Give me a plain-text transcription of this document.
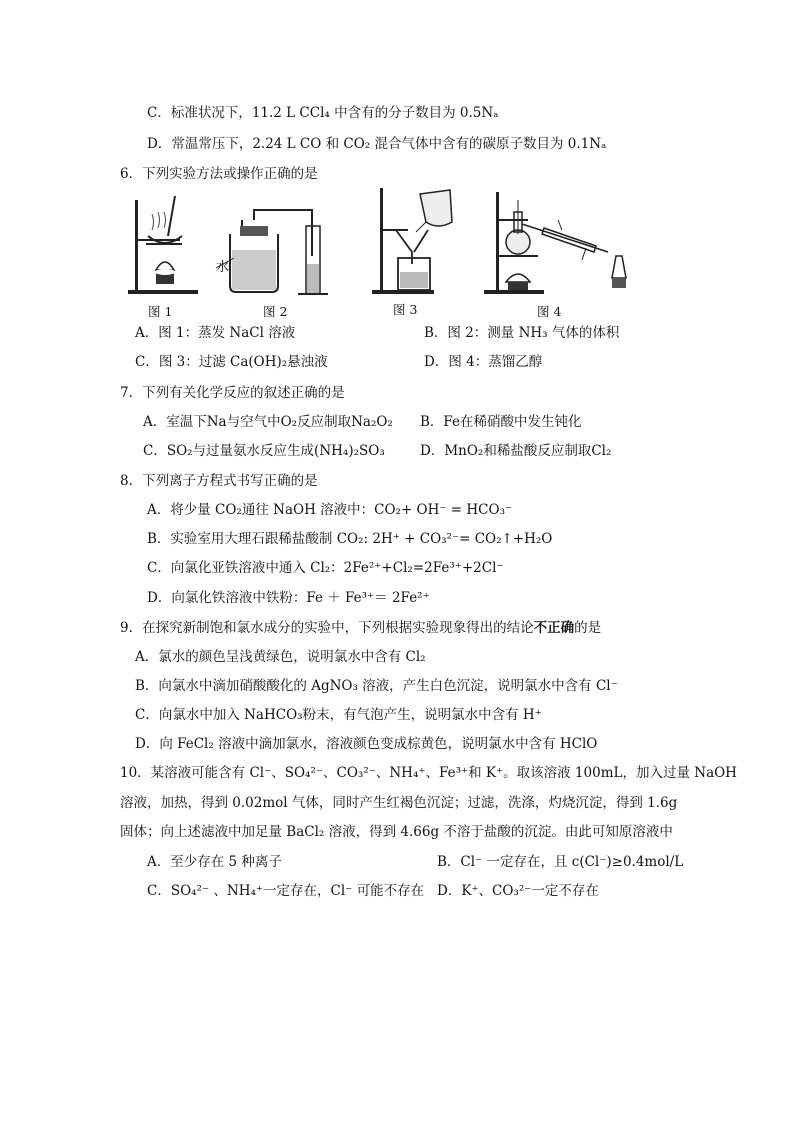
C．标准状况下，11.2 L CCl₄ 中含有的分子数目为 0.5Nₐ
D．常温常压下，2.24 L CO 和 CO₂ 混合气体中含有的碳原子数目为 0.1Nₐ
6．下列实验方法或操作正确的是
图 1
水
图 2	图 3	图 4
A．图 1：蒸发 NaCl 溶液	B．图 2：测量 NH₃ 气体的体积
C．图 3：过滤 Ca(OH)₂悬浊液	D．图 4：蒸馏乙醇
7．下列有关化学反应的叙述正确的是
A．室温下Na与空气中O₂反应制取Na₂O₂ B．Fe在稀硝酸中发生钝化
C．SO₂与过量氨水反应生成(NH₄)₂SO₃	D．MnO₂和稀盐酸反应制取Cl₂
8．下列离子方程式书写正确的是
A．将少量 CO₂通往 NaOH 溶液中：CO₂+ OH⁻ = HCO₃⁻
B．实验室用大理石跟稀盐酸制 CO₂: 2H⁺ + CO₃²⁻= CO₂↑+H₂O
C．向氯化亚铁溶液中通入 Cl₂：2Fe²⁺+Cl₂=2Fe³⁺+2Cl⁻
D．向氯化铁溶液中铁粉：Fe ＋ Fe³⁺＝ 2Fe²⁺
9．在探究新制饱和氯水成分的实验中，下列根据实验现象得出的结论不正确的是
A．氯水的颜色呈浅黄绿色，说明氯水中含有 Cl₂
B．向氯水中滴加硝酸酸化的 AgNO₃ 溶液，产生白色沉淀，说明氯水中含有 Cl⁻
C．向氯水中加入 NaHCO₃粉末，有气泡产生，说明氯水中含有 H⁺
D．向 FeCl₂ 溶液中滴加氯水，溶液颜色变成棕黄色，说明氯水中含有 HClO
10．某溶液可能含有 Cl⁻、SO₄²⁻、CO₃²⁻、NH₄⁺、Fe³⁺和 K⁺。取该溶液 100mL，加入过量 NaOH
溶液，加热，得到 0.02mol 气体，同时产生红褐色沉淀；过滤，洗涤，灼烧沉淀，得到 1.6g
固体；向上述滤液中加足量 BaCl₂ 溶液，得到 4.66g 不溶于盐酸的沉淀。由此可知原溶液中
A．至少存在 5 种离子	B．Cl⁻ 一定存在，且 c(Cl⁻)≥0.4mol/L
C．SO₄²⁻ 、NH₄⁺一定存在，Cl⁻ 可能不存在 D．K⁺、CO₃²⁻一定不存在
